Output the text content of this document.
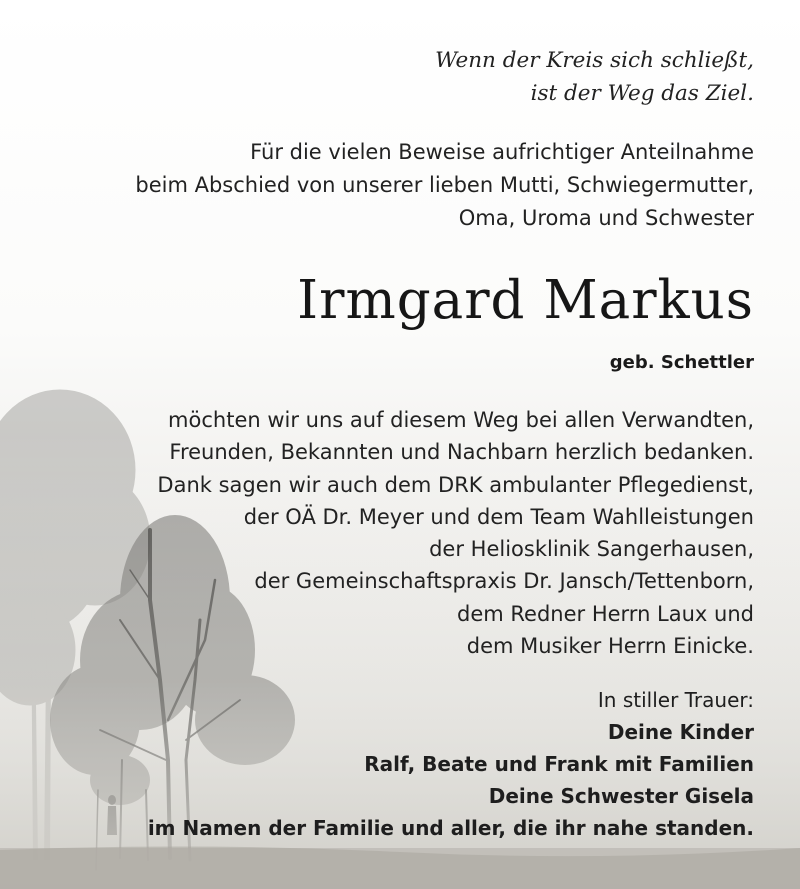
Wenn der Kreis sich schließt,
ist der Weg das Ziel.
Für die vielen Beweise aufrichtiger Anteilnahme
beim Abschied von unserer lieben Mutti, Schwiegermutter,
Oma, Uroma und Schwester
Irmgard Markus
geb. Schettler
möchten wir uns auf diesem Weg bei allen Verwandten,
Freunden, Bekannten und Nachbarn herzlich bedanken.
Dank sagen wir auch dem DRK ambulanter Pflegedienst,
der OÄ Dr. Meyer und dem Team Wahlleistungen
der Heliosklinik Sangerhausen,
der Gemeinschaftspraxis Dr. Jansch/Tettenborn,
dem Redner Herrn Laux und
dem Musiker Herrn Einicke.
In stiller Trauer:
Deine Kinder
Ralf, Beate und Frank mit Familien
Deine Schwester Gisela
im Namen der Familie und aller, die ihr nahe standen.
